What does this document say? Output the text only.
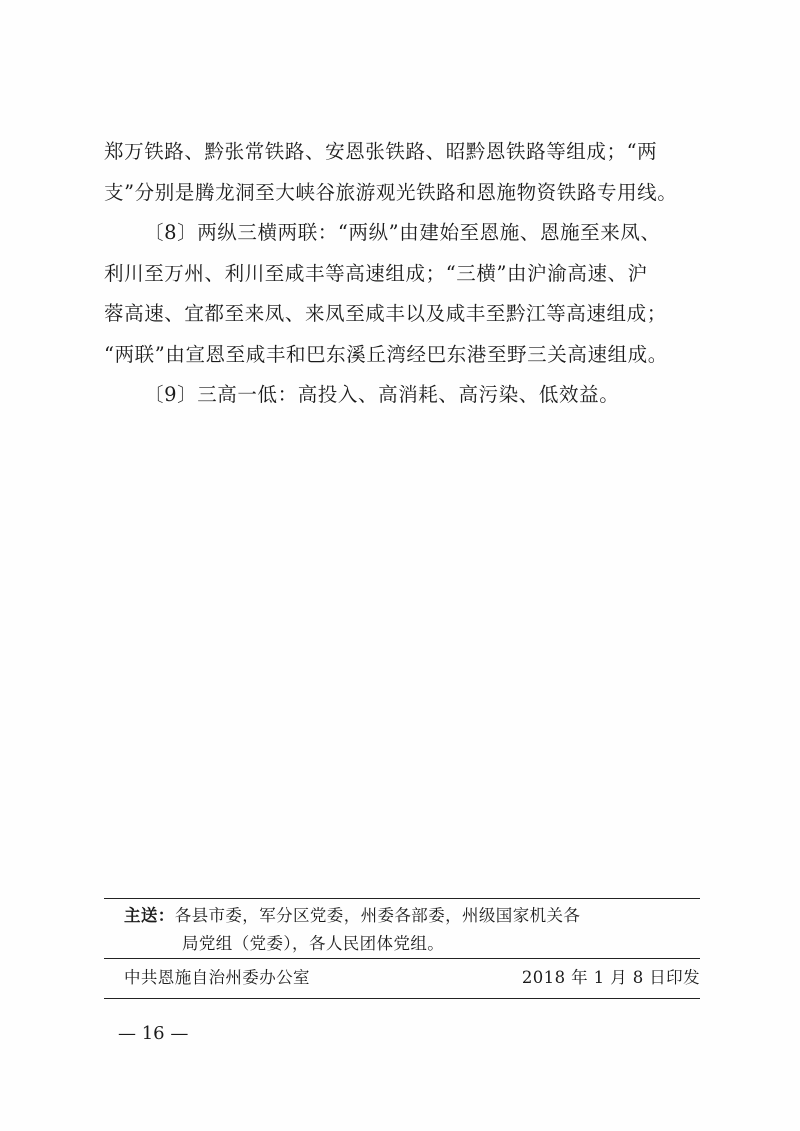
郑万铁路、黔张常铁路、安恩张铁路、昭黔恩铁路等组成；“两

支”分别是腾龙洞至大峡谷旅游观光铁路和恩施物资铁路专用线。

〔8〕两纵三横两联：“两纵”由建始至恩施、恩施至来凤、

利川至万州、利川至咸丰等高速组成；“三横”由沪渝高速、沪

蓉高速、宜都至来凤、来凤至咸丰以及咸丰至黔江等高速组成；

“两联”由宣恩至咸丰和巴东溪丘湾经巴东港至野三关高速组成。

〔9〕三高一低：高投入、高消耗、高污染、低效益。

主送：各县市委，军分区党委，州委各部委，州级国家机关各
局党组（党委），各人民团体党组。
中共恩施自治州委办公室	2018 年 1 月 8 日印发
— 16 —
